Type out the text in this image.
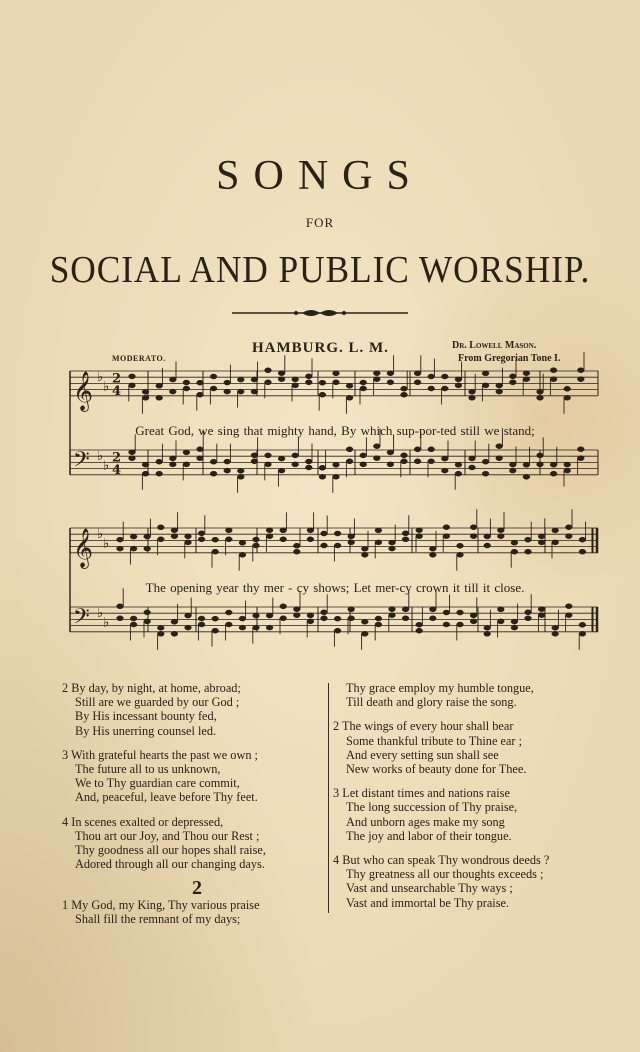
SONGS
FOR
SOCIAL AND PUBLIC WORSHIP.
HAMBURG. L. M.	Dr. Lowell Mason.
From Gregorian Tone I.
MODERATO.
𝄞 ♭
♭
2
4
𝄢 ♭
♭
2
4
𝄞 ♭
♭
𝄢 ♭
♭
Great God, we sing that mighty hand, By which sup-por-ted still we stand;
The opening year thy mer - cy shows; Let mer-cy crown it till it close.
2 By day, by night, at home, abroad;
Still are we guarded by our God ;
By His incessant bounty fed,
By His unerring counsel led.
3 With grateful hearts the past we own ;
The future all to us unknown,
We to Thy guardian care commit,
And, peaceful, leave before Thy feet.
4 In scenes exalted or depressed,
Thou art our Joy, and Thou our Rest ;
Thy goodness all our hopes shall raise,
Adored through all our changing days.
2
1 My God, my King, Thy various praise
Shall fill the remnant of my days;
Thy grace employ my humble tongue,
Till death and glory raise the song.
2 The wings of every hour shall bear
Some thankful tribute to Thine ear ;
And every setting sun shall see
New works of beauty done for Thee.
3 Let distant times and nations raise
The long succession of Thy praise,
And unborn ages make my song
The joy and labor of their tongue.
4 But who can speak Thy wondrous deeds ?
Thy greatness all our thoughts exceeds ;
Vast and unsearchable Thy ways ;
Vast and immortal be Thy praise.
